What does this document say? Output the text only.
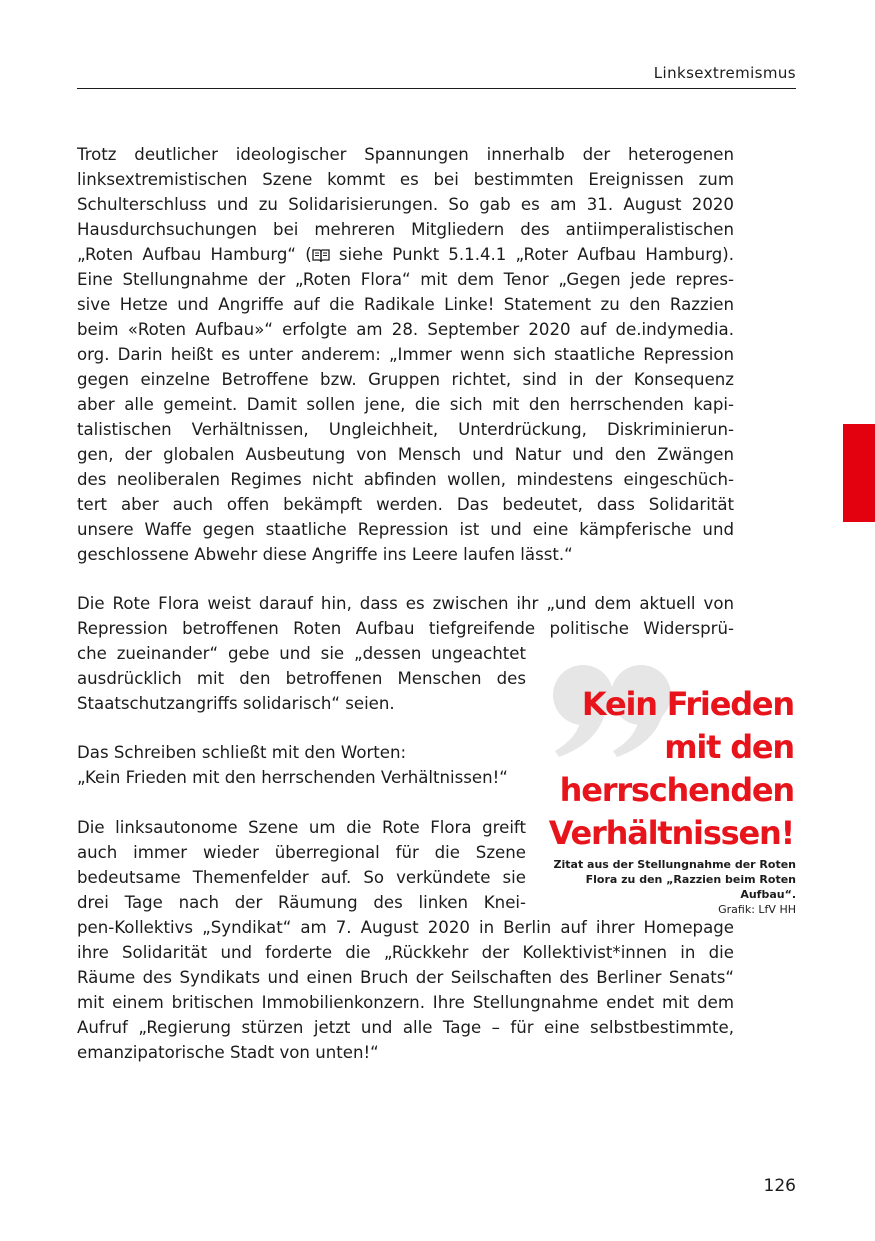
Linksextremismus
Trotz deutlicher ideologischer Spannungen innerhalb der heterogenen
linksextremistischen Szene kommt es bei bestimmten Ereignissen zum
Schulterschluss und zu Solidarisierungen. So gab es am 31. August 2020
Hausdurchsuchungen bei mehreren Mitgliedern des antiimperalistischen
„Roten Aufbau Hamburg“ ( siehe Punkt 5.1.4.1 „Roter Aufbau Hamburg).
Eine Stellungnahme der „Roten Flora“ mit dem Tenor „Gegen jede repres-
sive Hetze und Angriffe auf die Radikale Linke! Statement zu den Razzien
beim «Roten Aufbau»“ erfolgte am 28. September 2020 auf de.indymedia.
org. Darin heißt es unter anderem: „Immer wenn sich staatliche Repression
gegen einzelne Betroffene bzw. Gruppen richtet, sind in der Konsequenz
aber alle gemeint. Damit sollen jene, die sich mit den herrschenden kapi-
talistischen Verhältnissen, Ungleichheit, Unterdrückung, Diskriminierun-
gen, der globalen Ausbeutung von Mensch und Natur und den Zwängen
des neoliberalen Regimes nicht abfinden wollen, mindestens eingeschüch-
tert aber auch offen bekämpft werden. Das bedeutet, dass Solidarität
unsere Waffe gegen staatliche Repression ist und eine kämpferische und
geschlossene Abwehr diese Angriffe ins Leere laufen lässt.“
Die Rote Flora weist darauf hin, dass es zwischen ihr „und dem aktuell von
Repression betroffenen Roten Aufbau tiefgreifende politische Widersprü-
che zueinander“ gebe und sie „dessen ungeachtet
ausdrücklich mit den betroffenen Menschen des
Staatschutzangriffs solidarisch“ seien.
Das Schreiben schließt mit den Worten:
„Kein Frieden mit den herrschenden Verhältnissen!“
Die linksautonome Szene um die Rote Flora greift
auch immer wieder überregional für die Szene
bedeutsame Themenfelder auf. So verkündete sie
drei Tage nach der Räumung des linken Knei-
pen-Kollektivs „Syndikat“ am 7. August 2020 in Berlin auf ihrer Homepage
ihre Solidarität und forderte die „Rückkehr der Kollektivist*innen in die
Räume des Syndikats und einen Bruch der Seilschaften des Berliner Senats“
mit einem britischen Immobilienkonzern. Ihre Stellungnahme endet mit dem
Aufruf „Regierung stürzen jetzt und alle Tage – für eine selbstbestimmte,
emanzipatorische Stadt von unten!“
Kein Frieden
mit den
herrschenden
Verhältnissen!
Zitat aus der Stellungnahme der Roten
Flora zu den „Razzien beim Roten Aufbau“.
Grafik: LfV HH
126
